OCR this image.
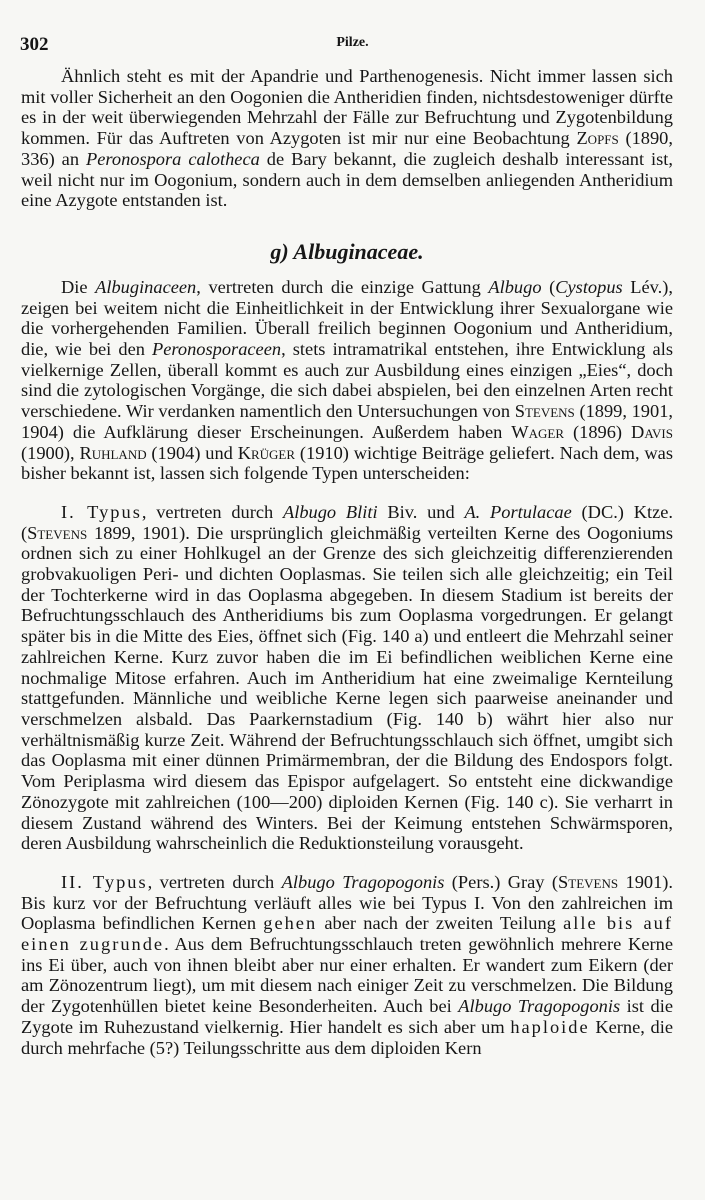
302	Pilze.

Ähnlich steht es mit der Apandrie und Parthenogenesis. Nicht immer lassen sich mit voller Sicherheit an den Oogonien die Antheridien finden, nichtsdestoweniger dürfte es in der weit überwiegenden Mehrzahl der Fälle zur Befruchtung und Zygotenbildung kommen. Für das Auftreten von Azygoten ist mir nur eine Beobachtung Zopfs (1890, 336) an Peronospora calotheca de Bary bekannt, die zugleich deshalb interessant ist, weil nicht nur im Oogonium, sondern auch in dem demselben anliegenden Antheridium eine Azygote entstanden ist.

g) Albuginaceae.

Die Albuginaceen, vertreten durch die einzige Gattung Albugo (Cystopus Lév.), zeigen bei weitem nicht die Einheitlichkeit in der Entwicklung ihrer Sexualorgane wie die vorhergehenden Familien. Überall freilich beginnen Oogonium und Antheridium, die, wie bei den Peronosporaceen, stets intramatrikal entstehen, ihre Entwicklung als vielkernige Zellen, überall kommt es auch zur Ausbildung eines einzigen „Eies“, doch sind die zytologischen Vorgänge, die sich dabei abspielen, bei den einzelnen Arten recht verschiedene. Wir verdanken namentlich den Untersuchungen von Stevens (1899, 1901, 1904) die Aufklärung dieser Erscheinungen. Außerdem haben Wager (1896) Davis (1900), Ruhland (1904) und Krüger (1910) wichtige Beiträge geliefert. Nach dem, was bisher bekannt ist, lassen sich folgende Typen unterscheiden:

I. Typus, vertreten durch Albugo Bliti Biv. und A. Portulacae (DC.) Ktze. (Stevens 1899, 1901). Die ursprünglich gleichmäßig verteilten Kerne des Oogoniums ordnen sich zu einer Hohlkugel an der Grenze des sich gleichzeitig differenzierenden grobvakuoligen Peri- und dichten Ooplasmas. Sie teilen sich alle gleichzeitig; ein Teil der Tochterkerne wird in das Ooplasma abgegeben. In diesem Stadium ist bereits der Befruchtungsschlauch des Antheridiums bis zum Ooplasma vorgedrungen. Er gelangt später bis in die Mitte des Eies, öffnet sich (Fig. 140 a) und entleert die Mehrzahl seiner zahlreichen Kerne. Kurz zuvor haben die im Ei befindlichen weiblichen Kerne eine nochmalige Mitose erfahren. Auch im Antheridium hat eine zweimalige Kernteilung stattgefunden. Männliche und weibliche Kerne legen sich paarweise aneinander und verschmelzen alsbald. Das Paarkernstadium (Fig. 140 b) währt hier also nur verhältnismäßig kurze Zeit. Während der Befruchtungsschlauch sich öffnet, umgibt sich das Ooplasma mit einer dünnen Primärmembran, der die Bildung des Endospors folgt. Vom Periplasma wird diesem das Epispor aufgelagert. So entsteht eine dickwandige Zönozygote mit zahlreichen (100—200) diploiden Kernen (Fig. 140 c). Sie verharrt in diesem Zustand während des Winters. Bei der Keimung entstehen Schwärmsporen, deren Ausbildung wahrscheinlich die Reduktionsteilung vorausgeht.

II. Typus, vertreten durch Albugo Tragopogonis (Pers.) Gray (Stevens 1901). Bis kurz vor der Befruchtung verläuft alles wie bei Typus I. Von den zahlreichen im Ooplasma befindlichen Kernen gehen aber nach der zweiten Teilung alle bis auf einen zugrunde. Aus dem Befruchtungsschlauch treten gewöhnlich mehrere Kerne ins Ei über, auch von ihnen bleibt aber nur einer erhalten. Er wandert zum Eikern (der am Zönozentrum liegt), um mit diesem nach einiger Zeit zu verschmelzen. Die Bildung der Zygotenhüllen bietet keine Besonderheiten. Auch bei Albugo Tragopogonis ist die Zygote im Ruhezustand vielkernig. Hier handelt es sich aber um haploide Kerne, die durch mehrfache (5?) Teilungsschritte aus dem diploiden Kern
